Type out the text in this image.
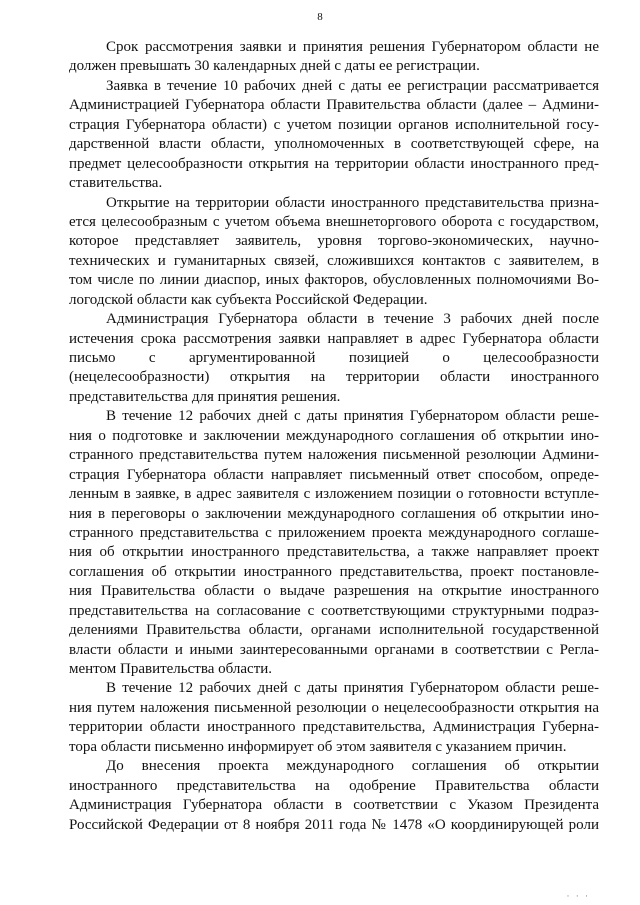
8
Срок рассмотрения заявки и принятия решения Губернатором области не
должен превышать 30 календарных дней с даты ее регистрации.
Заявка в течение 10 рабочих дней с даты ее регистрации рассматривается
Администрацией Губернатора области Правительства области (далее – Админи-
страция Губернатора области) с учетом позиции органов исполнительной госу-
дарственной власти области, уполномоченных в соответствующей сфере, на
предмет целесообразности открытия на территории области иностранного пред-
ставительства.
Открытие на территории области иностранного представительства призна-
ется целесообразным с учетом объема внешнеторгового оборота с государством,
которое представляет заявитель, уровня торгово-экономических, научно-
технических и гуманитарных связей, сложившихся контактов с заявителем, в
том числе по линии диаспор, иных факторов, обусловленных полномочиями Во-
логодской области как субъекта Российской Федерации.
Администрация Губернатора области в течение 3 рабочих дней после
истечения срока рассмотрения заявки направляет в адрес Губернатора области
письмо с аргументированной позицией о целесообразности
(нецелесообразности) открытия на территории области иностранного
представительства для принятия решения.
В течение 12 рабочих дней с даты принятия Губернатором области реше-
ния о подготовке и заключении международного соглашения об открытии ино-
странного представительства путем наложения письменной резолюции Админи-
страция Губернатора области направляет письменный ответ способом, опреде-
ленным в заявке, в адрес заявителя с изложением позиции о готовности вступле-
ния в переговоры о заключении международного соглашения об открытии ино-
странного представительства с приложением проекта международного соглаше-
ния об открытии иностранного представительства, а также направляет проект
соглашения об открытии иностранного представительства, проект постановле-
ния Правительства области о выдаче разрешения на открытие иностранного
представительства на согласование с соответствующими структурными подраз-
делениями Правительства области, органами исполнительной государственной
власти области и иными заинтересованными органами в соответствии с Регла-
ментом Правительства области.
В течение 12 рабочих дней с даты принятия Губернатором области реше-
ния путем наложения письменной резолюции о нецелесообразности открытия на
территории области иностранного представительства, Администрация Губерна-
тора области письменно информирует об этом заявителя с указанием причин.
До внесения проекта международного соглашения об открытии
иностранного представительства на одобрение Правительства области
Администрация Губернатора области в соответствии с Указом Президента
Российской Федерации от 8 ноября 2011 года № 1478 «О координирующей роли
· · ·
